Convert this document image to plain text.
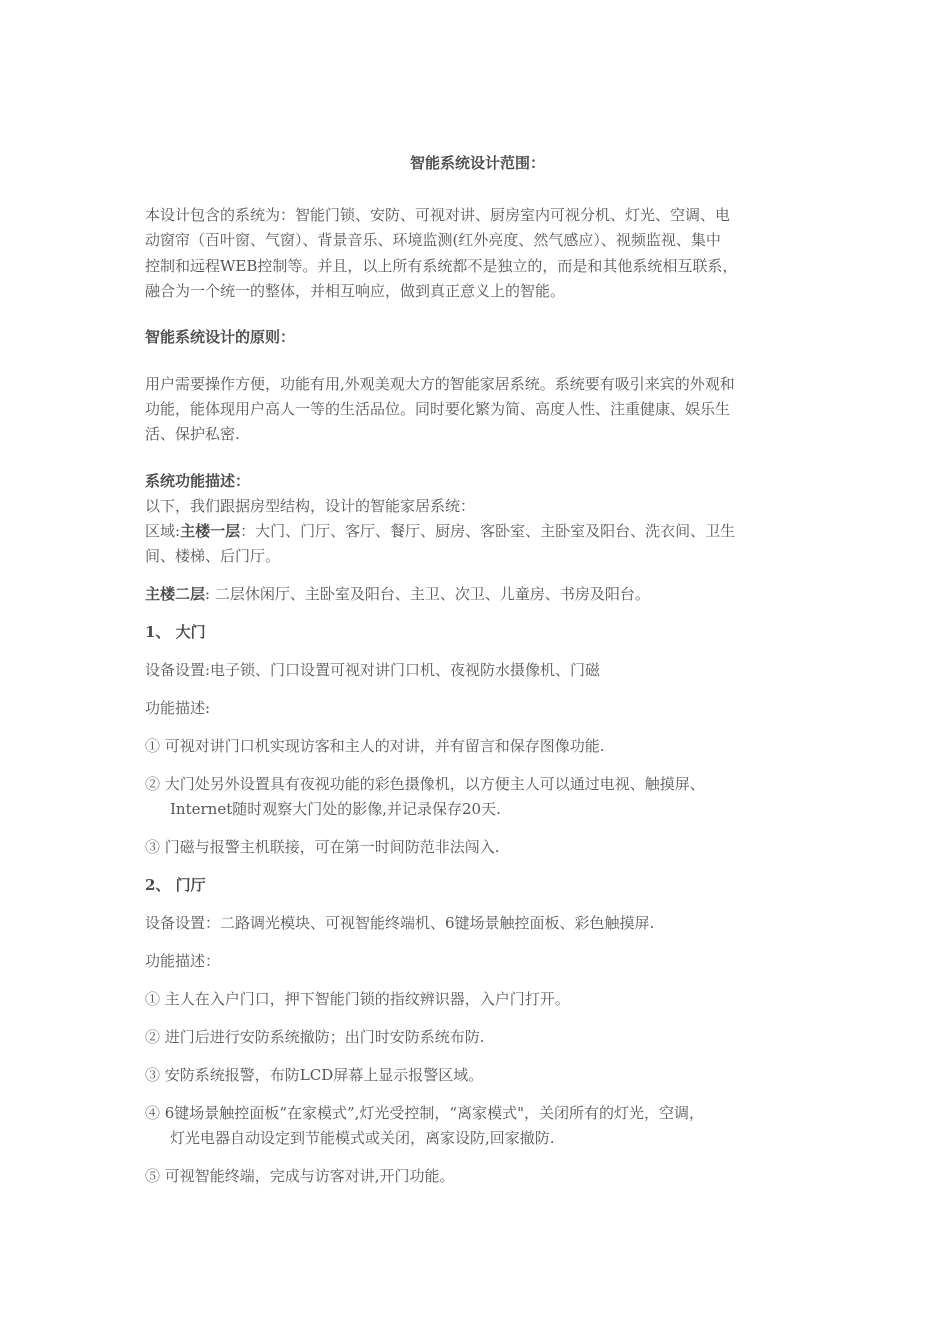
智能系统设计范围：
本设计包含的系统为：智能门锁、安防、可视对讲、厨房室内可视分机、灯光、空调、电
动窗帘（百叶窗、气窗）、背景音乐、环境监测(红外亮度、然气感应）、视频监视、集中
控制和远程WEB控制等。并且，以上所有系统都不是独立的，而是和其他系统相互联系，
融合为一个统一的整体，并相互响应，做到真正意义上的智能。
智能系统设计的原则：
用户需要操作方便，功能有用,外观美观大方的智能家居系统。系统要有吸引来宾的外观和
功能，能体现用户高人一等的生活品位。同时要化繁为简、高度人性、注重健康、娱乐生
活、保护私密.
系统功能描述：
以下，我们跟据房型结构，设计的智能家居系统：
区域:主楼一层：大门、门厅、客厅、餐厅、厨房、客卧室、主卧室及阳台、洗衣间、卫生
间、楼梯、后门厅。
主楼二层: 二层休闲厅、主卧室及阳台、主卫、次卫、儿童房、书房及阳台。
1、 大门
设备设置:电子锁、门口设置可视对讲门口机、夜视防水摄像机、门磁
功能描述:
① 可视对讲门口机实现访客和主人的对讲，并有留言和保存图像功能.
② 大门处另外设置具有夜视功能的彩色摄像机，以方便主人可以通过电视、触摸屏、
Internet随时观察大门处的影像,并记录保存20天.
③ 门磁与报警主机联接，可在第一时间防范非法闯入.
2、 门厅
设备设置：二路调光模块、可视智能终端机、6键场景触控面板、彩色触摸屏.
功能描述：
① 主人在入户门口，押下智能门锁的指纹辨识器，入户门打开。
② 进门后进行安防系统撤防；出门时安防系统布防.
③ 安防系统报警，布防LCD屏幕上显示报警区域。
④ 6键场景触控面板“在家模式”,灯光受控制，“离家模式"，关闭所有的灯光，空调，
灯光电器自动设定到节能模式或关闭，离家设防,回家撤防.
⑤ 可视智能终端，完成与访客对讲,开门功能。
